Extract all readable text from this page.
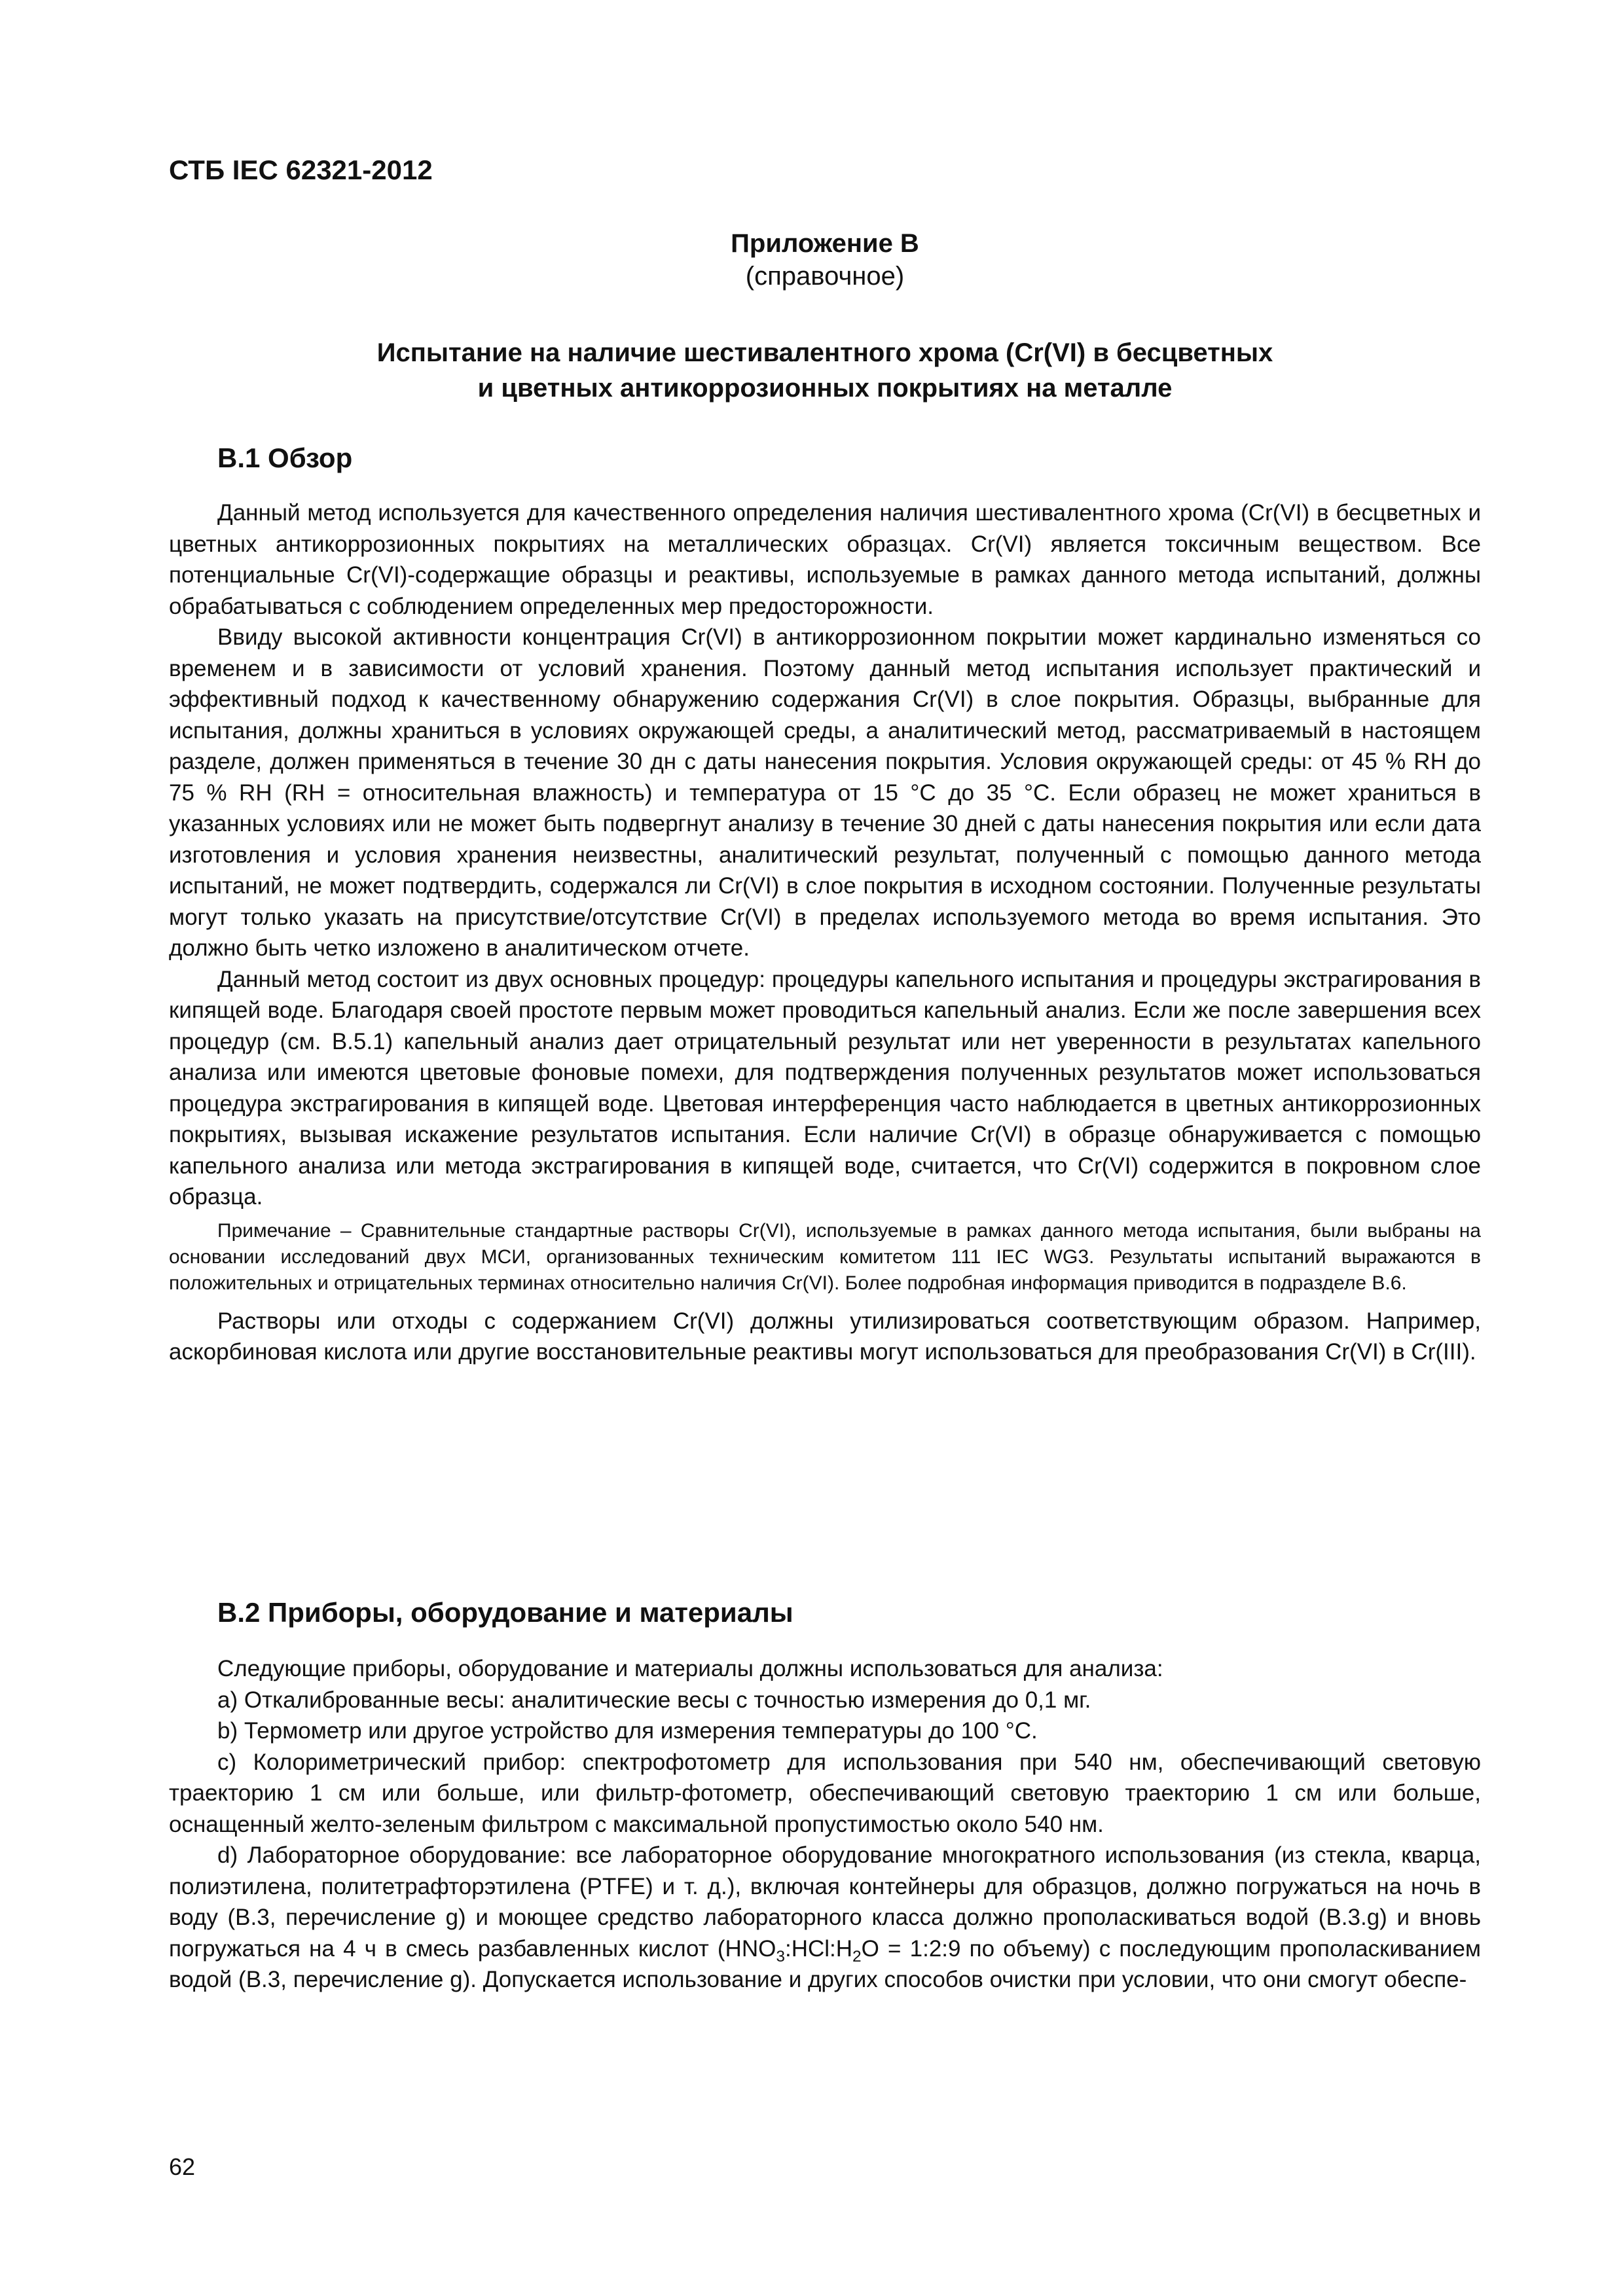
СТБ IEC 62321-2012

Приложение В

(справочное)

Испытание на наличие шестивалентного хрома (Cr(VI) в бесцветных
и цветных антикоррозионных покрытиях на металле

В.1 Обзор

Данный метод используется для качественного определения наличия шестивалентного хрома (Cr(VI) в бесцветных и цветных антикоррозионных покрытиях на металлических образцах. Cr(VI) является токсичным веществом. Все потенциальные Cr(VI)-содержащие образцы и реактивы, используемые в рамках данного метода испытаний, должны обрабатываться с соблюдением определенных мер предосторожности.

Ввиду высокой активности концентрация Cr(VI) в антикоррозионном покрытии может кардинально изменяться со временем и в зависимости от условий хранения. Поэтому данный метод испытания использует практический и эффективный подход к качественному обнаружению содержания Cr(VI) в слое покрытия. Образцы, выбранные для испытания, должны храниться в условиях окружающей среды, а аналитический метод, рассматриваемый в настоящем разделе, должен применяться в течение 30 дн с даты нанесения покрытия. Условия окружающей среды: от 45 % RH до 75 % RH (RH = относительная влажность) и температура от 15 °С до 35 °С. Если образец не может храниться в указанных условиях или не может быть подвергнут анализу в течение 30 дней с даты нанесения покрытия или если дата изготовления и условия хранения неизвестны, аналитический результат, полученный с помощью данного метода испытаний, не может подтвердить, содержался ли Cr(VI) в слое покрытия в исходном состоянии. Полученные результаты могут только указать на присутствие/отсутствие Cr(VI) в пределах используемого метода во время испытания. Это должно быть четко изложено в аналитическом отчете.

Данный метод состоит из двух основных процедур: процедуры капельного испытания и процедуры экстрагирования в кипящей воде. Благодаря своей простоте первым может проводиться капельный анализ. Если же после завершения всех процедур (см. В.5.1) капельный анализ дает отрицательный результат или нет уверенности в результатах капельного анализа или имеются цветовые фоновые помехи, для подтверждения полученных результатов может использоваться процедура экстрагирования в кипящей воде. Цветовая интерференция часто наблюдается в цветных антикоррозионных покрытиях, вызывая искажение результатов испытания. Если наличие Cr(VI) в образце обнаруживается с помощью капельного анализа или метода экстрагирования в кипящей воде, считается, что Cr(VI) содержится в покровном слое образца.

Примечание – Сравнительные стандартные растворы Cr(VI), используемые в рамках данного метода испытания, были выбраны на основании исследований двух МСИ, организованных техническим комитетом 111 IEC WG3. Результаты испытаний выражаются в положительных и отрицательных терминах относительно наличия Cr(VI). Более подробная информация приводится в подразделе В.6.

Растворы или отходы с содержанием Cr(VI) должны утилизироваться соответствующим образом. Например, аскорбиновая кислота или другие восстановительные реактивы могут использоваться для преобразования Cr(VI) в Cr(III).

В.2 Приборы, оборудование и материалы

Следующие приборы, оборудование и материалы должны использоваться для анализа:

а) Откалиброванные весы: аналитические весы с точностью измерения до 0,1 мг.

b) Термометр или другое устройство для измерения температуры до 100 °С.

с) Колориметрический прибор: спектрофотометр для использования при 540 нм, обеспечивающий световую траекторию 1 см или больше, или фильтр-фотометр, обеспечивающий световую траекторию 1 см или больше, оснащенный желто-зеленым фильтром с максимальной пропустимостью около 540 нм.

d) Лабораторное оборудование: все лабораторное оборудование многократного использования (из стекла, кварца, полиэтилена, политетрафторэтилена (PTFE) и т. д.), включая контейнеры для образцов, должно погружаться на ночь в воду (В.3, перечисление g) и моющее средство лабораторного класса должно прополаскиваться водой (В.3.g) и вновь погружаться на 4 ч в смесь разбавленных кислот ($HNO_3:HCl:H_2O$ = 1:2:9 по объему) с последующим прополаскиванием водой (В.3, перечисление g). Допускается использование и других способов очистки при условии, что они смогут обеспе-

62
